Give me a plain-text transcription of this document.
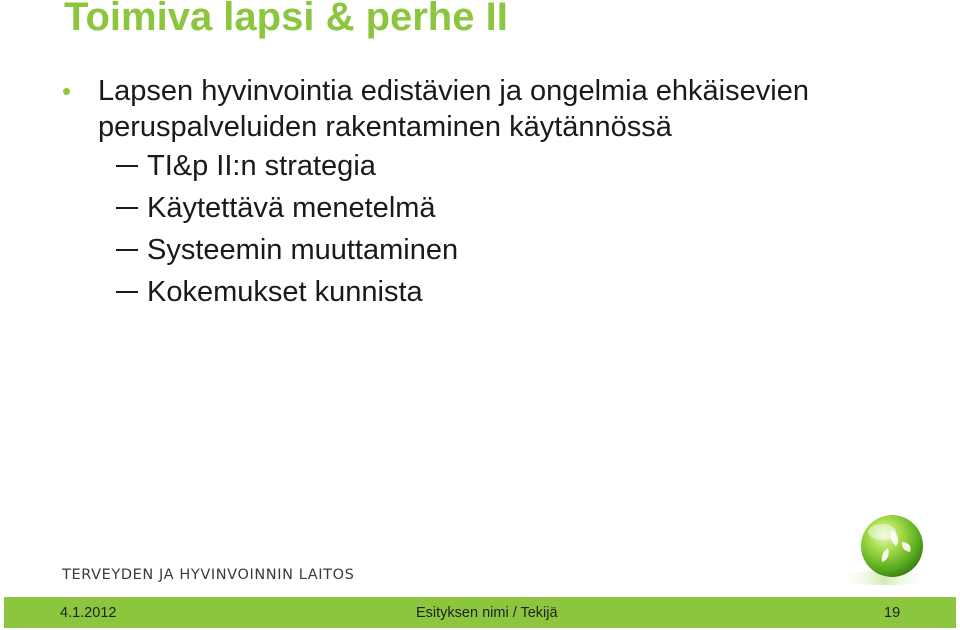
Toimiva lapsi & perhe II
• Lapsen hyvinvointia edistävien ja ongelmia ehkäisevien peruspalveluiden rakentaminen käytännössä
TI&p II:n strategia
Käytettävä menetelmä
Systeemin muuttaminen
Kokemukset kunnista
TERVEYDEN JA HYVINVOINNIN LAITOS
4.1.2012	Esityksen nimi / Tekijä	19
